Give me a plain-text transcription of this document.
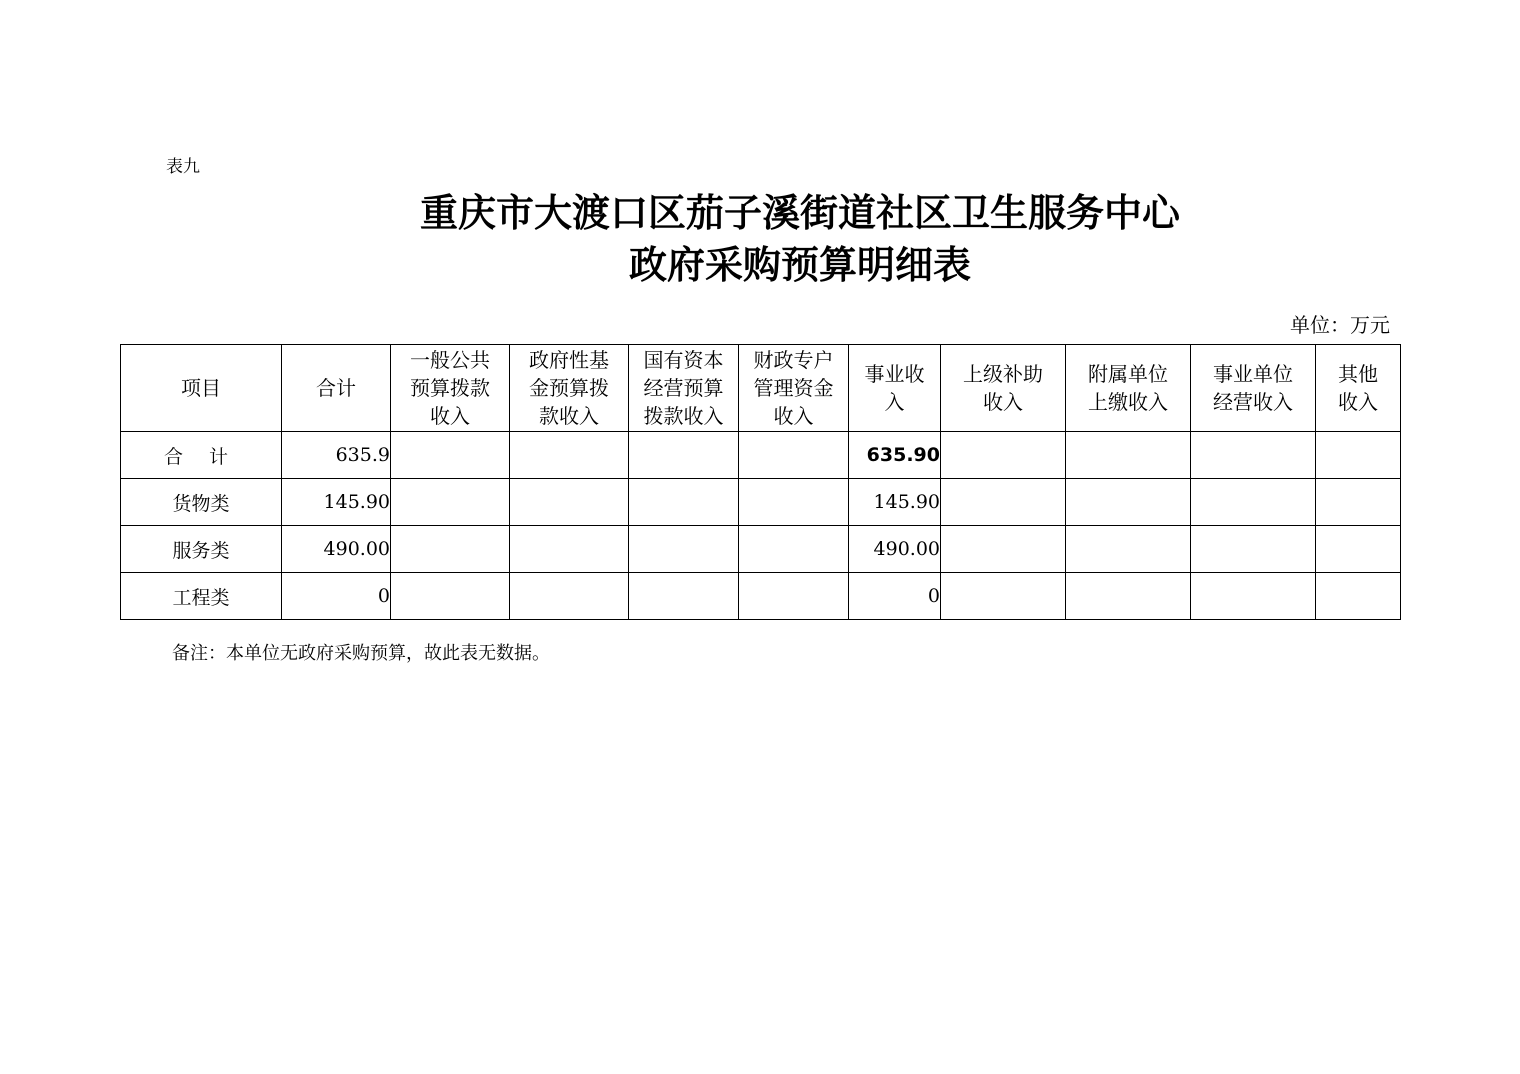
表九
重庆市大渡口区茄子溪街道社区卫生服务中心
政府采购预算明细表
单位：万元
项目	合计	一般公共预算拨款收入	政府性基金预算拨款收入	国有资本经营预算拨款收入	财政专户管理资金收入	事业收入	上级补助收入	附属单位上缴收入	事业单位经营收入	其他收入

合 计	635.9					635.90				
货物类	145.90					145.90				
服务类	490.00					490.00				
工程类	0					0				
备注：本单位无政府采购预算，故此表无数据。
